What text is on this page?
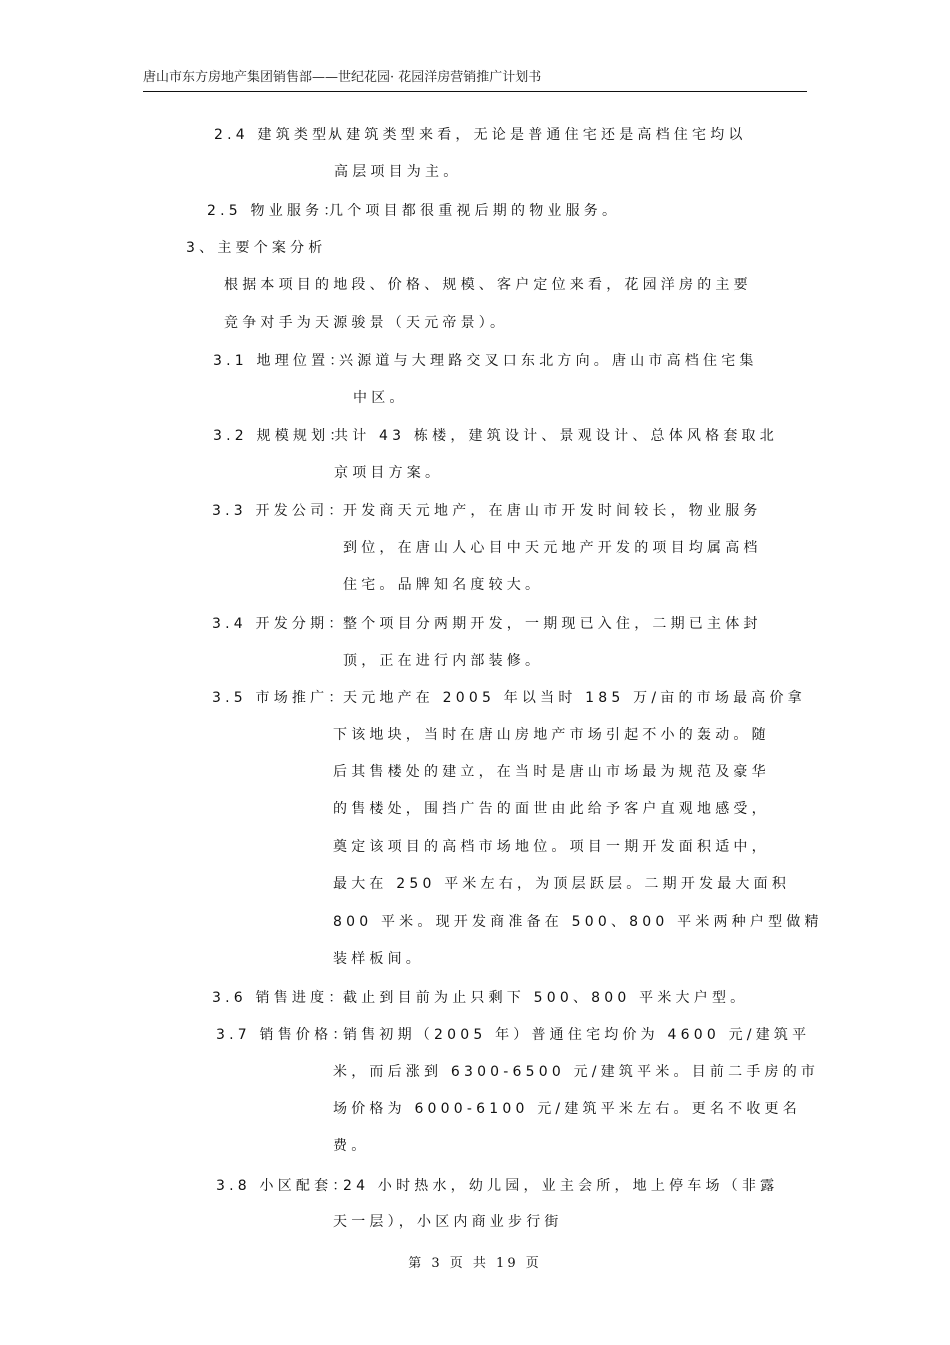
唐山市东方房地产集团销售部——世纪花园· 花园洋房营销推广计划书
2.4 建筑类型：
从建筑类型来看，无论是普通住宅还是高档住宅均以
高层项目为主。
2.5 物业服务：
几个项目都很重视后期的物业服务。
3、主要个案分析
根据本项目的地段、价格、规模、客户定位来看，花园洋房的主要
竞争对手为天源骏景（天元帝景）。
3.1 地理位置：
兴源道与大理路交叉口东北方向。唐山市高档住宅集
中区。
3.2 规模规划：
共计 43 栋楼，建筑设计、景观设计、总体风格套取北
京项目方案。
3.3 开发公司：
开发商天元地产，在唐山市开发时间较长，物业服务
到位，在唐山人心目中天元地产开发的项目均属高档
住宅。品牌知名度较大。
3.4 开发分期：
整个项目分两期开发，一期现已入住，二期已主体封
顶，正在进行内部装修。
3.5 市场推广：
天元地产在 2005 年以当时 185 万/亩的市场最高价拿
下该地块，当时在唐山房地产市场引起不小的轰动。随
后其售楼处的建立，在当时是唐山市场最为规范及豪华
的售楼处，围挡广告的面世由此给予客户直观地感受，
奠定该项目的高档市场地位。项目一期开发面积适中，
最大在 250 平米左右，为顶层跃层。二期开发最大面积
800 平米。现开发商准备在 500、800 平米两种户型做精
装样板间。
3.6 销售进度：
截止到目前为止只剩下 500、800 平米大户型。
3.7 销售价格：
销售初期（2005 年）普通住宅均价为 4600 元/建筑平
米，而后涨到 6300-6500 元/建筑平米。目前二手房的市
场价格为 6000-6100 元/建筑平米左右。更名不收更名
费。
3.8 小区配套：
24 小时热水，幼儿园，业主会所，地上停车场（非露
天一层），小区内商业步行街
第 3 页 共 19 页
